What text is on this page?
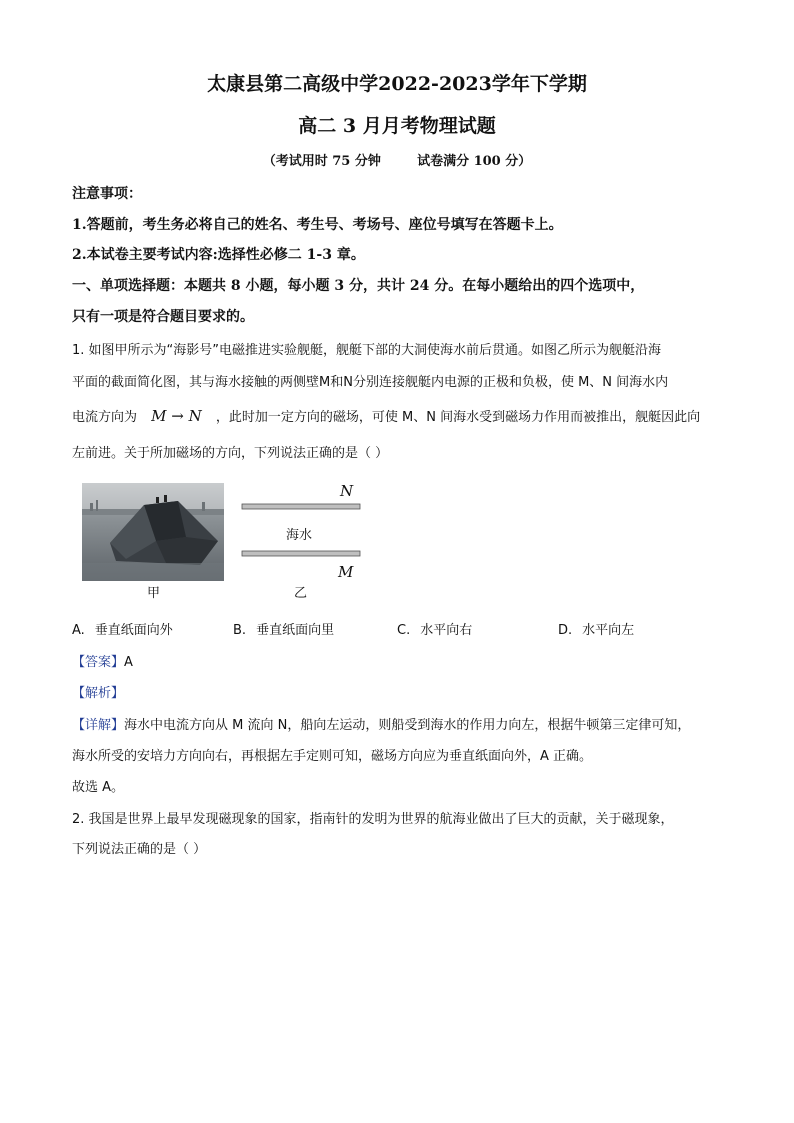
太康县第二高级中学2022-2023学年下学期
高二 3 月月考物理试题
（考试用时 75 分钟        试卷满分 100 分）
注意事项：
1.答题前，考生务必将自己的姓名、考生号、考场号、座位号填写在答题卡上。
2.本试卷主要考试内容:选择性必修二 1-3 章。
一、单项选择题：本题共 8 小题，每小题 3 分，共计 24 分。在每小题给出的四个选项中，
只有一项是符合题目要求的。
1. 如图甲所示为“海影号”电磁推进实验舰艇，舰艇下部的大洞使海水前后贯通。如图乙所示为舰艇沿海
平面的截面简化图，其与海水接触的两侧壁M和N分别连接舰艇内电源的正极和负极，使 M、N 间海水内
电流方向为 M → N ，此时加一定方向的磁场，可使 M、N 间海水受到磁场力作用而被推出，舰艇因此向
左前进。关于所加磁场的方向，下列说法正确的是（ ）
甲
N
海水
M
乙
A. 垂直纸面向外	B. 垂直纸面向里	C. 水平向右	D. 水平向左
【答案】A
【解析】
【详解】海水中电流方向从 M 流向 N，船向左运动，则船受到海水的作用力向左，根据牛顿第三定律可知，
海水所受的安培力方向向右，再根据左手定则可知，磁场方向应为垂直纸面向外，A 正确。
故选 A。
2. 我国是世界上最早发现磁现象的国家，指南针的发明为世界的航海业做出了巨大的贡献，关于磁现象，
下列说法正确的是（ ）
